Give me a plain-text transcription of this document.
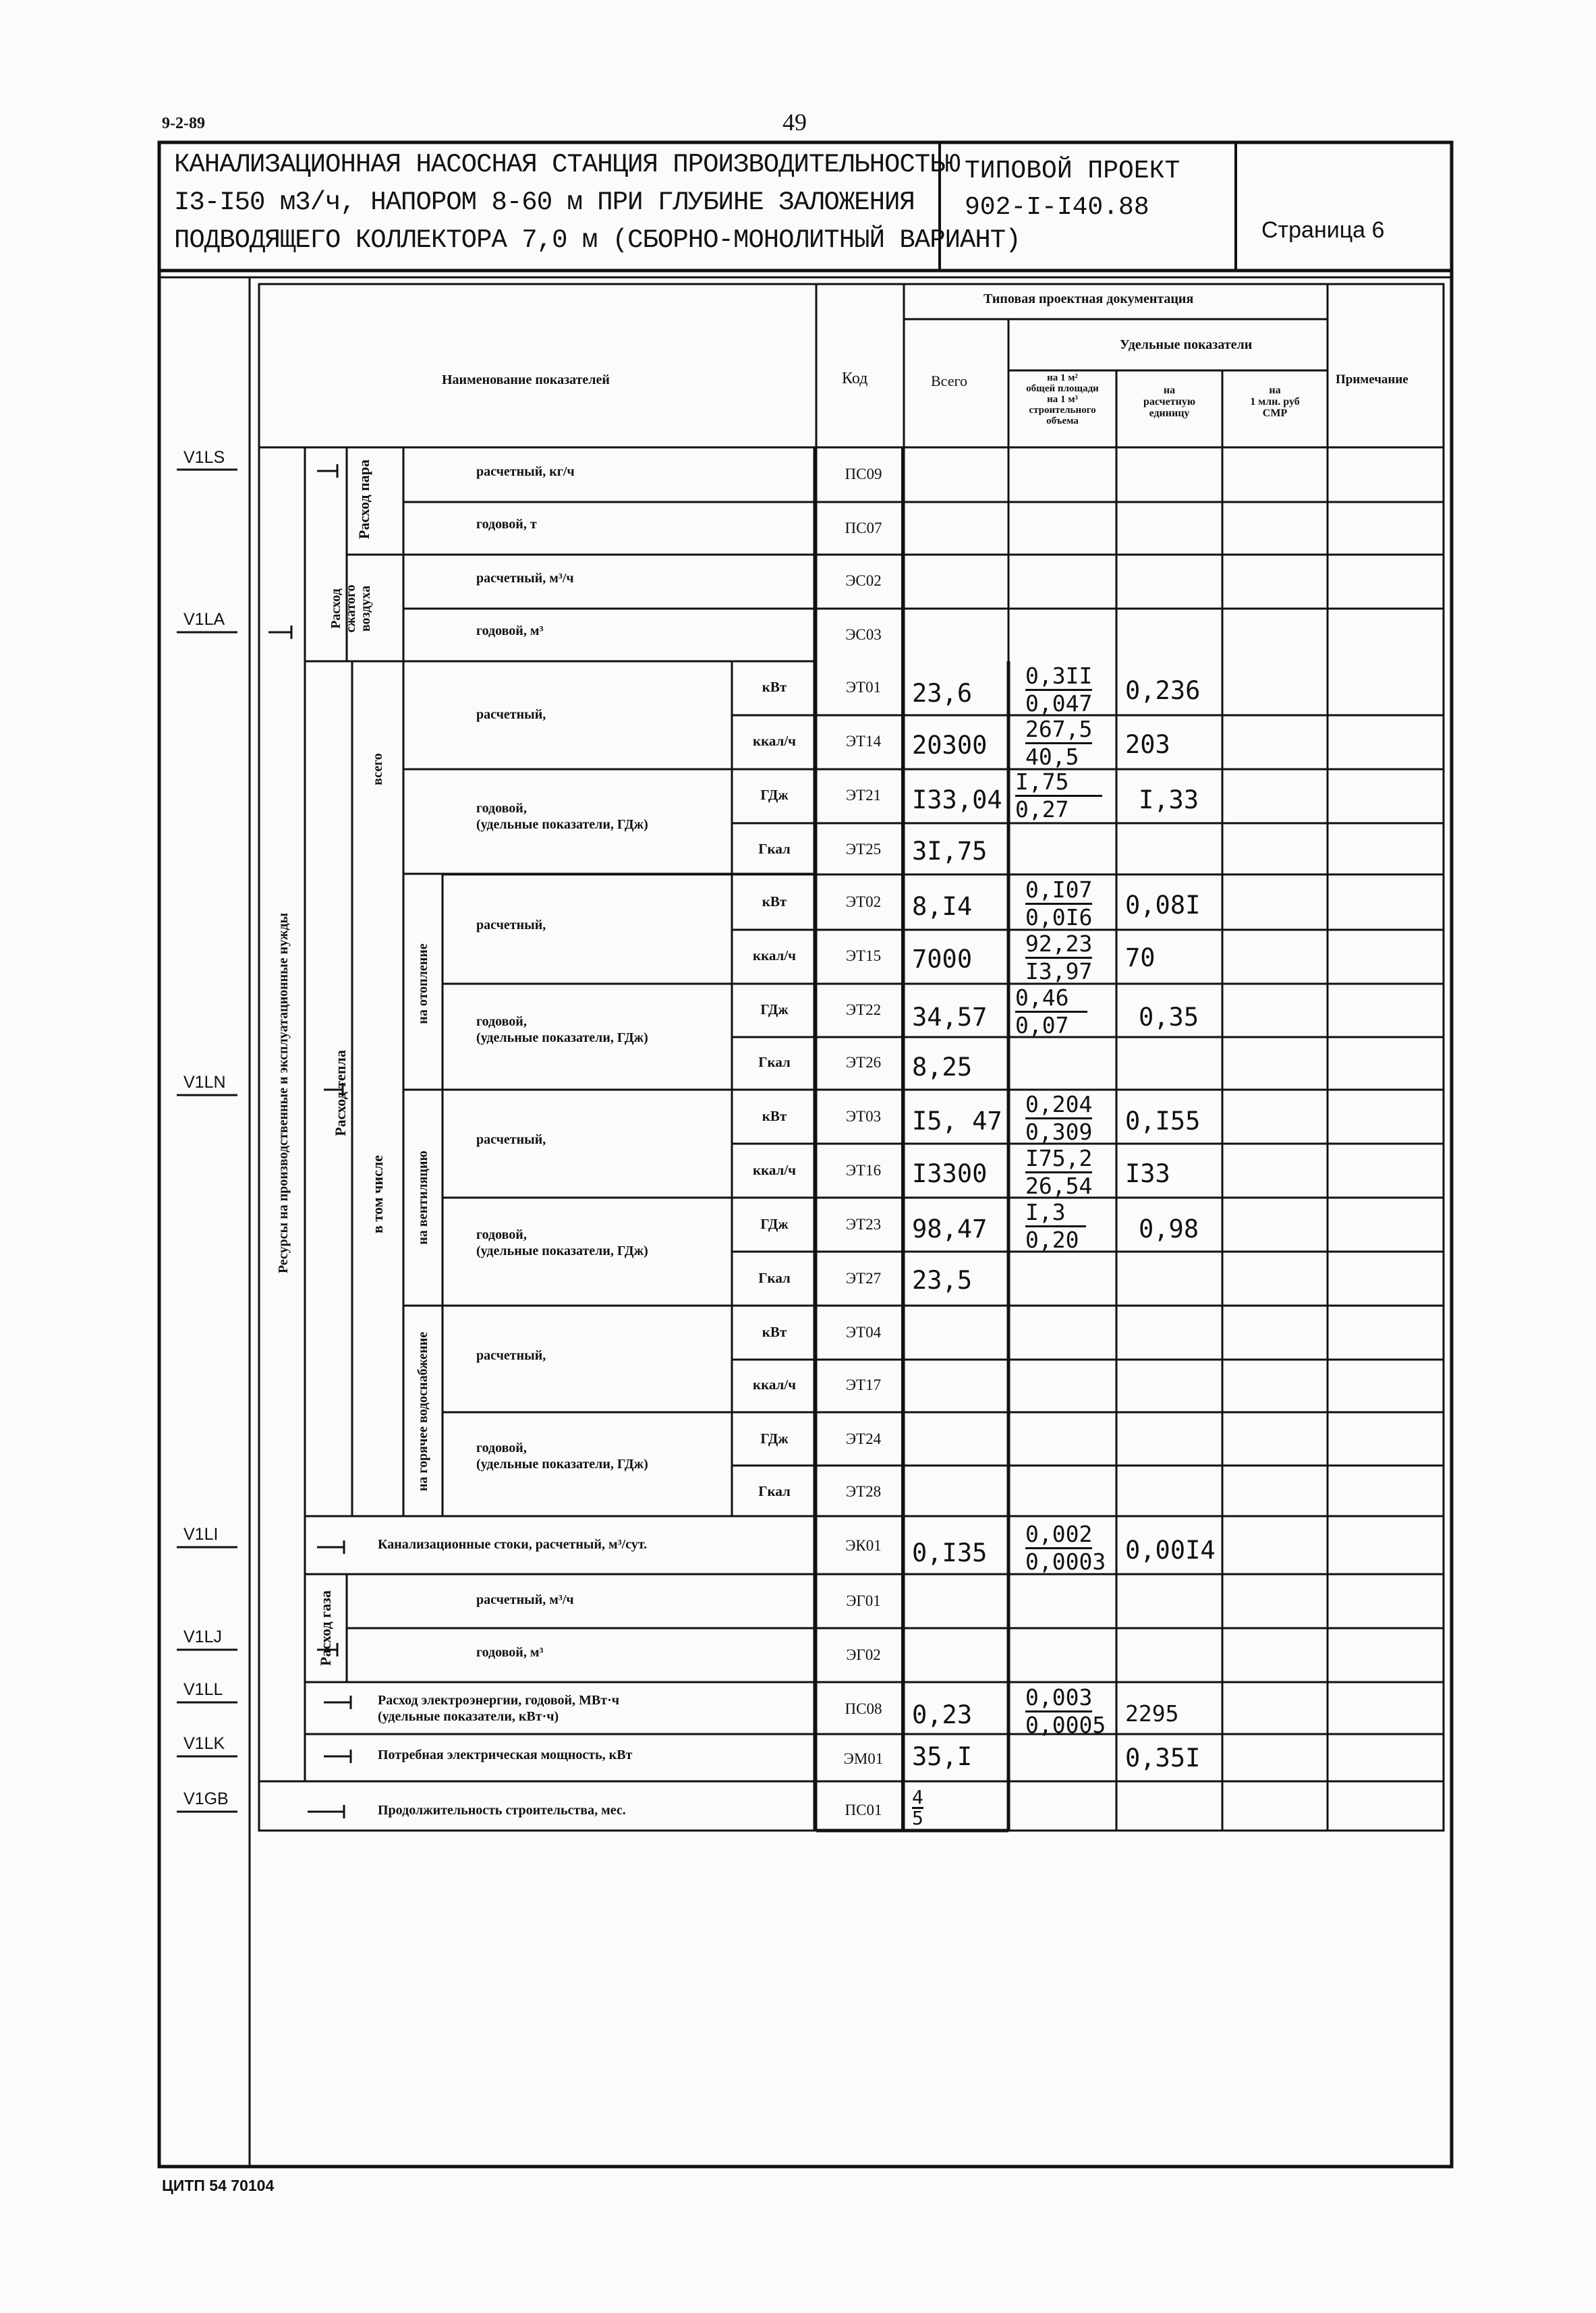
9-2-89	49
КАНАЛИЗАЦИОННАЯ НАСОСНАЯ СТАНЦИЯ ПРОИЗВОДИТЕЛЬНОСТЬЮ
I3-I50 м3/ч, НАПОРОМ 8-60 м ПРИ ГЛУБИНЕ ЗАЛОЖЕНИЯ
ПОДВОДЯЩЕГО КОЛЛЕКТОРА 7,0 м (СБОРНО-МОНОЛИТНЫЙ ВАРИАНТ)
ТИПОВОЙ ПРОЕКТ
902-I-I40.88
Страница 6
Наименование показателей	Код
Типовая проектная документация
Всего
Удельные показатели
на 1 м²
общей площади
на 1 м³
строительного
объема
на
расчетную
единицу
на
1 млн. руб
СМР
Примечание
Ресурсы на производственные и эксплуатационные нужды
Расход пара
Расход сжатого воздуха
Расход тепла
всего
в том числе
на отопление
на вентиляцию
на горячее водоснабжение
Расход газа
расчетный, кг/ч
годовой, т
расчетный, м³/ч
годовой, м³
расчетный,
годовой,
(удельные показатели, ГДж)
расчетный,
годовой,
(удельные показатели, ГДж)
расчетный,
годовой,
(удельные показатели, ГДж)
расчетный,
годовой,
(удельные показатели, ГДж)
Канализационные стоки, расчетный, м³/сут.
расчетный, м³/ч
годовой, м³
Расход электроэнергии, годовой, МВт·ч
(удельные показатели, кВт·ч)
Потребная электрическая мощность, кВт
Продолжительность строительства, мес.
кВт
ккал/ч
ГДж
Гкал
кВт
ккал/ч
ГДж
Гкал
кВт
ккал/ч
ГДж
Гкал
кВт
ккал/ч
ГДж
Гкал
ПС09
ПС07
ЭС02
ЭС03
ЭТ01
ЭТ14
ЭТ21
ЭТ25
ЭТ02
ЭТ15
ЭТ22
ЭТ26
ЭТ03
ЭТ16
ЭТ23
ЭТ27
ЭТ04
ЭТ17
ЭТ24
ЭТ28
ЭК01
ЭГ01
ЭГ02
ПС08
ЭМ01
ПС01
23,6
20300
I33,04
3I,75
8,I4
7000
34,57
8,25
I5, 47
I3300
98,47
23,5
0,I35
0,23
35,I
$\frac{4}{5}$
$\frac{0,3II}{0,047}$
$\frac{267,5}{40,5}$
$\frac{I,75}{0,27}$
$\frac{0,I07}{0,0I6}$
$\frac{92,23}{I3,97}$
$\frac{0,46}{0,07}$
$\frac{0,204}{0,309}$
$\frac{I75,2}{26,54}$
$\frac{I,3}{0,20}$
$\frac{0,002}{0,0003}$
$\frac{0,003}{0,0005}$
0,236
203
I,33
0,08I
70
0,35
0,I55
I33
0,98
0,00I4
2295
0,35I
V1LS
V1LA
V1LN
V1LI
V1LJ
V1LL
V1LK
V1GB
ЦИТП 54 70104
